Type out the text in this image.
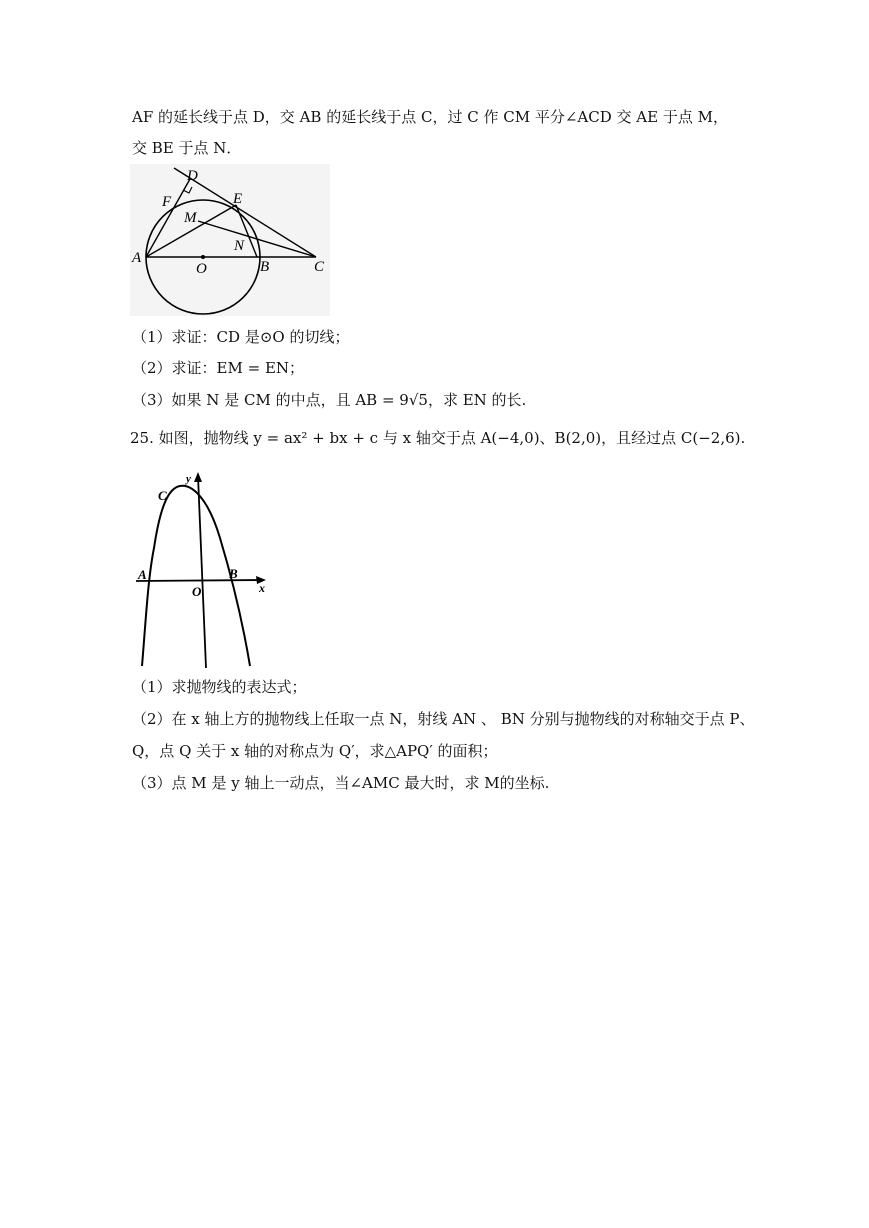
AF 的延长线于点 D，交 AB 的延长线于点 C，过 C 作 CM 平分∠ACD 交 AE 于点 M，
交 BE 于点 N．
D
F	E
M
N
A
O	B	C
（1）求证：CD 是⊙O 的切线；
（2）求证：EM = EN；
（3）如果 N 是 CM 的中点，且 AB = 9√5，求 EN 的长.
25. 如图，抛物线 y = ax² + bx + c 与 x 轴交于点 A(−4,0)、B(2,0)，且经过点 C(−2,6).
y
C
A
O
B
x
（1）求抛物线的表达式；
（2）在 x 轴上方的抛物线上任取一点 N，射线 AN 、 BN 分别与抛物线的对称轴交于点 P、
Q，点 Q 关于 x 轴的对称点为 Q′，求△APQ′ 的面积；
（3）点 M 是 y 轴上一动点，当∠AMC 最大时，求 M的坐标.
